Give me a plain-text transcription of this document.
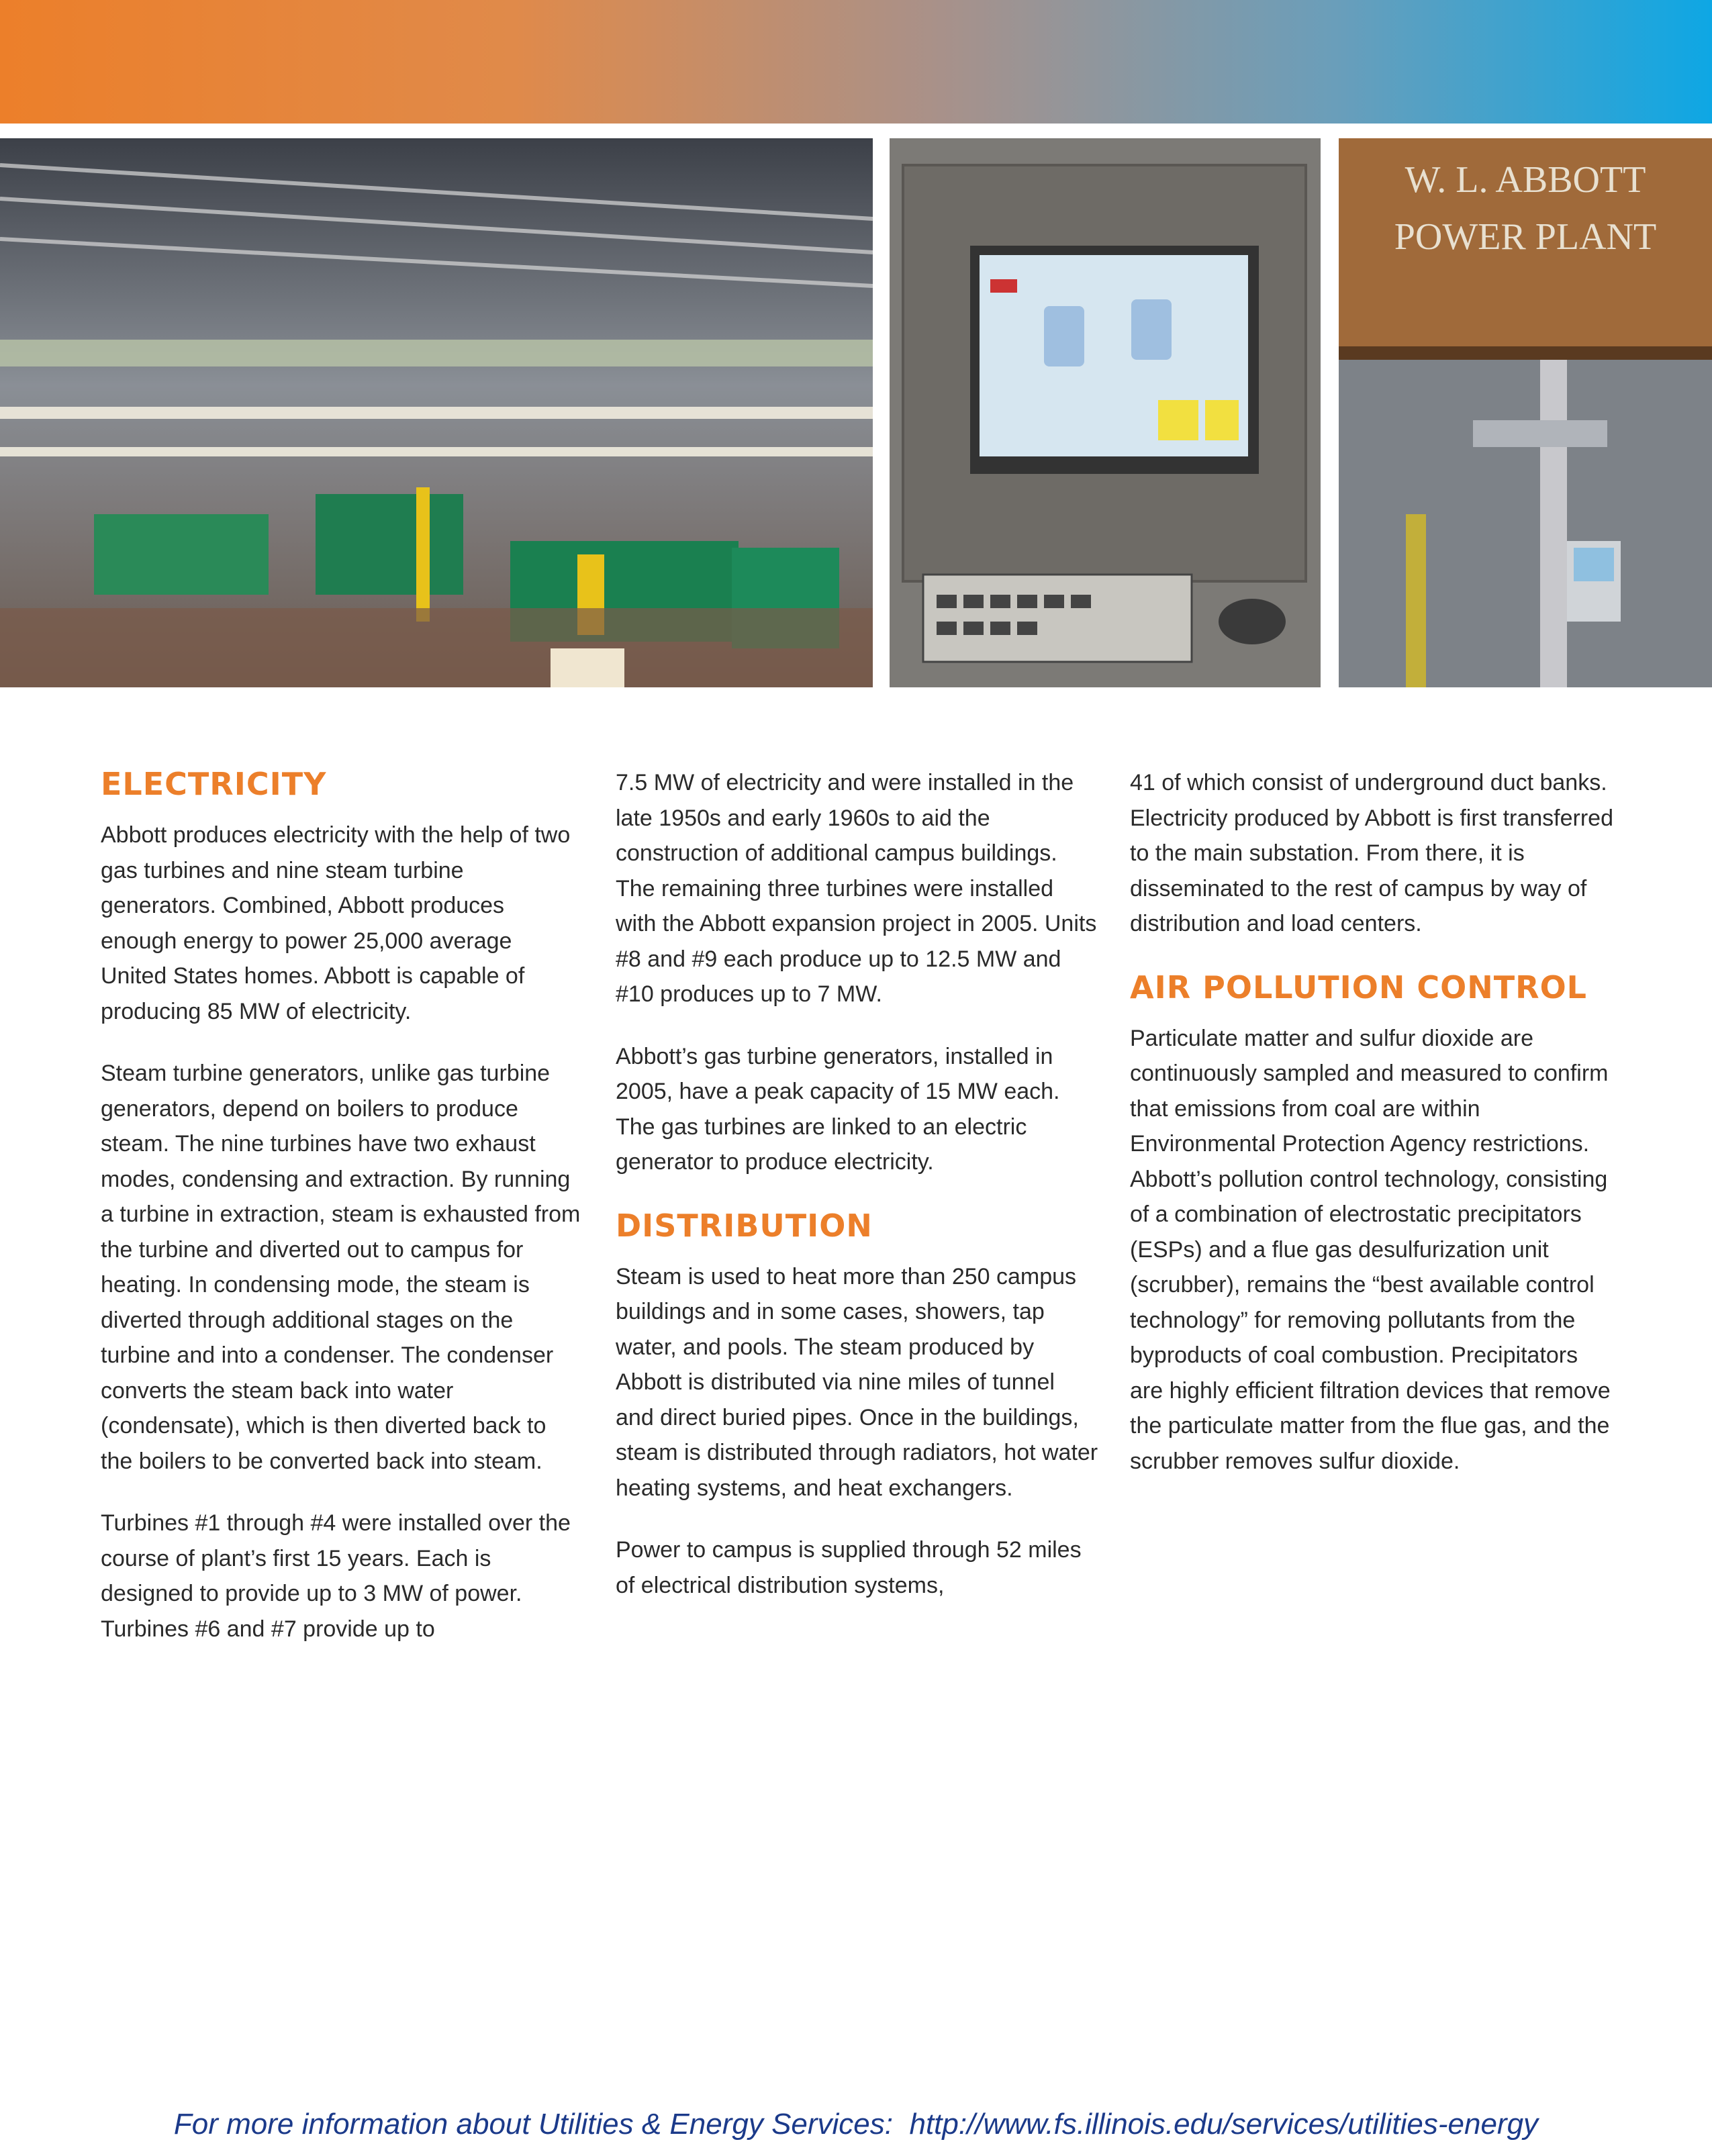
W. L. ABBOTT
POWER PLANT
ELECTRICITY

Abbott produces electricity with the help of two gas turbines and nine steam turbine generators. Combined, Abbott produces enough energy to power 25,000 average United States homes. Abbott is capable of producing 85 MW of electricity.

Steam turbine generators, unlike gas turbine generators, depend on boilers to produce steam. The nine turbines have two exhaust modes, condensing and extraction. By running a turbine in extraction, steam is exhausted from the turbine and diverted out to campus for heating. In condensing mode, the steam is diverted through additional stages on the turbine and into a condenser. The condenser converts the steam back into water (condensate), which is then diverted back to the boilers to be converted back into steam.

Turbines #1 through #4 were installed over the course of plant’s first 15 years. Each is designed to provide up to 3 MW of power. Turbines #6 and #7 provide up to

7.5 MW of electricity and were installed in the late 1950s and early 1960s to aid the construction of additional campus buildings. The remaining three turbines were installed with the Abbott expansion project in 2005. Units #8 and #9 each produce up to 12.5 MW and #10 produces up to 7 MW.

Abbott’s gas turbine generators, installed in 2005, have a peak capacity of 15 MW each. The gas turbines are linked to an electric generator to produce electricity.

DISTRIBUTION

Steam is used to heat more than 250 campus buildings and in some cases, showers, tap water, and pools. The steam produced by Abbott is distributed via nine miles of tunnel and direct buried pipes. Once in the buildings, steam is distributed through radiators, hot water heating systems, and heat exchangers.

Power to campus is supplied through 52 miles of electrical distribution systems,

41 of which consist of underground duct banks. Electricity produced by Abbott is first transferred to the main substation. From there, it is disseminated to the rest of campus by way of distribution and load centers.

AIR POLLUTION CONTROL

Particulate matter and sulfur dioxide are continuously sampled and measured to confirm that emissions from coal are within Environmental Protection Agency restrictions. Abbott’s pollution control technology, consisting of a combination of electrostatic precipitators (ESPs) and a flue gas desulfurization unit (scrubber), remains the “best available control technology” for removing pollutants from the byproducts of coal combustion. Precipitators are highly efficient filtration devices that remove the particulate matter from the flue gas, and the scrubber removes sulfur dioxide.

For more information about Utilities & Energy Services: http://www.fs.illinois.edu/services/utilities-energy
